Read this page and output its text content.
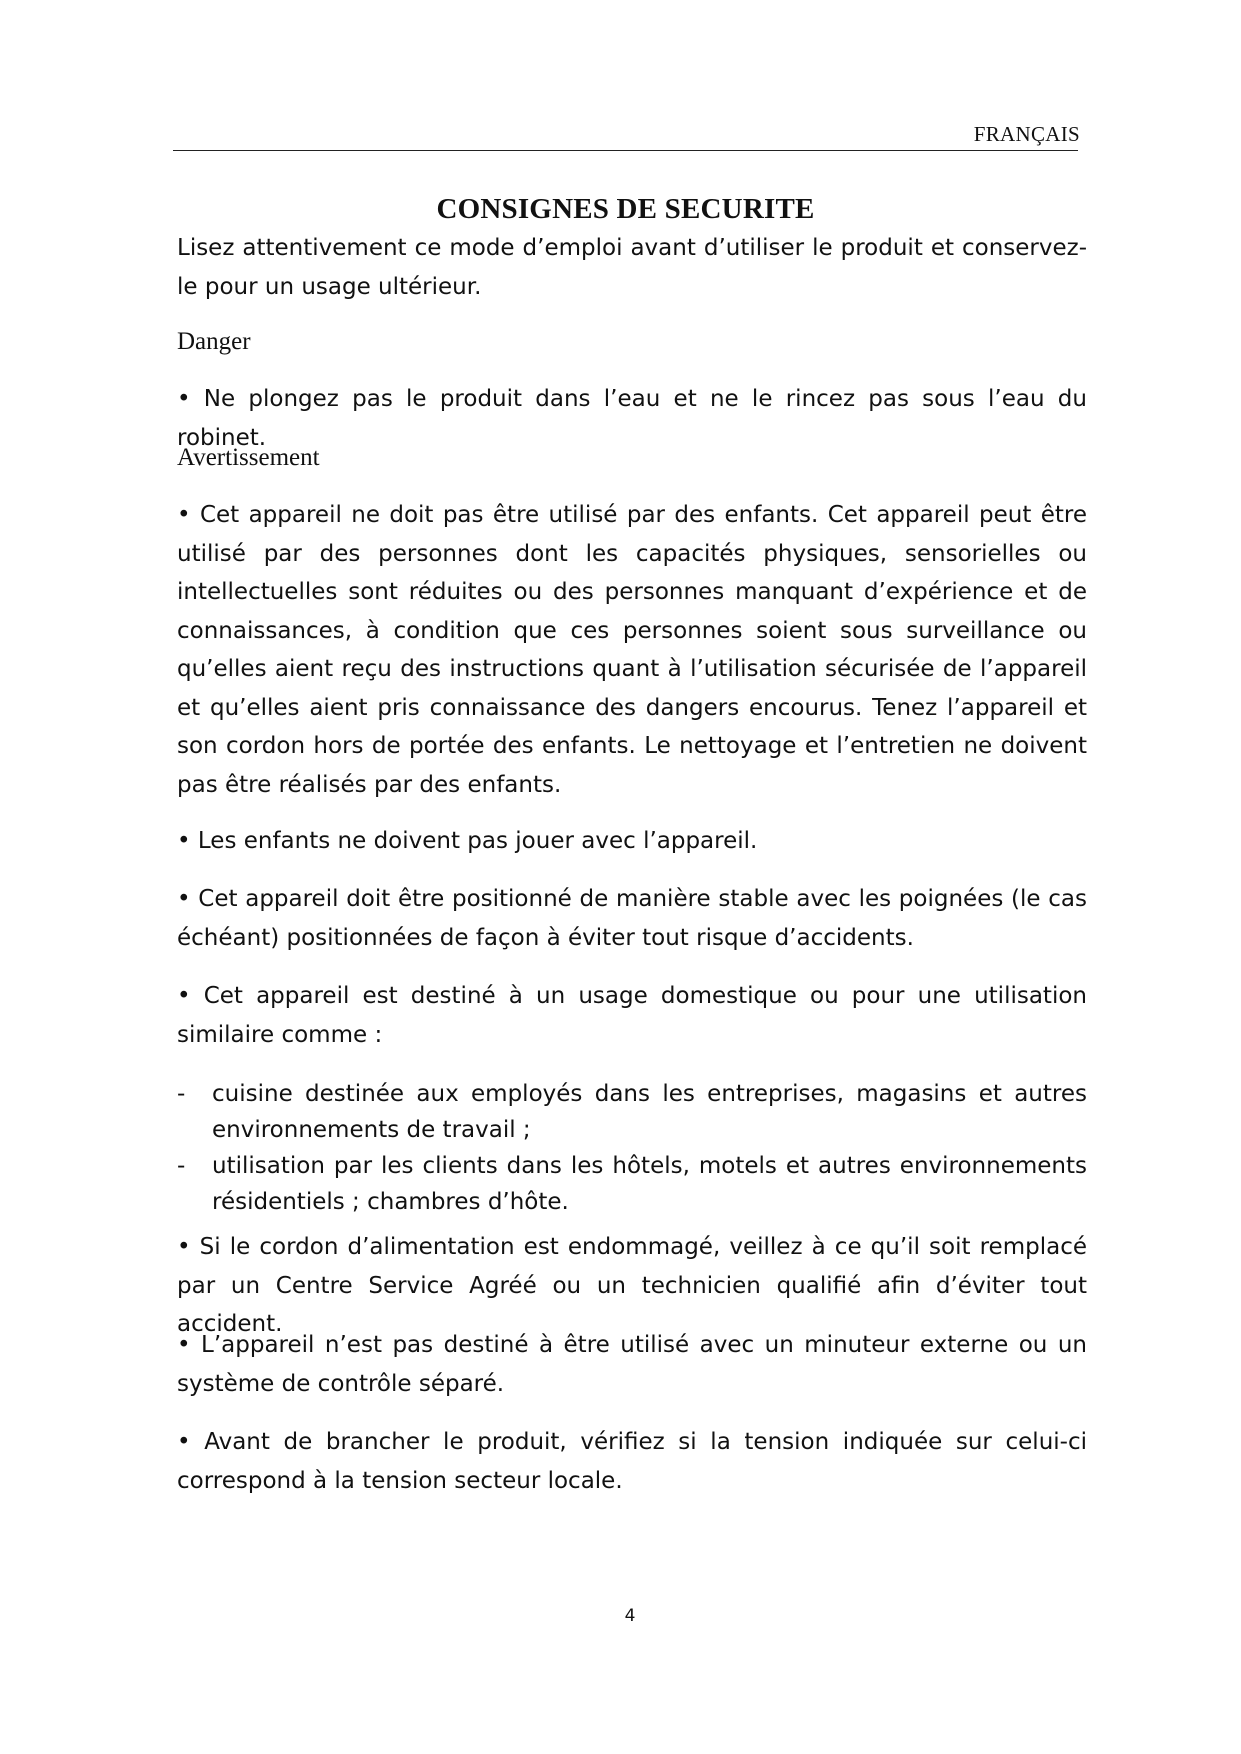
FRANÇAIS
CONSIGNES DE SECURITE

Lisez attentivement ce mode d’emploi avant d’utiliser le produit et conservez-le pour un usage ultérieur.

Danger

• Ne plongez pas le produit dans l’eau et ne le rincez pas sous l’eau du robinet.

Avertissement

• Cet appareil ne doit pas être utilisé par des enfants. Cet appareil peut être utilisé par des personnes dont les capacités physiques, sensorielles ou intellectuelles sont réduites ou des personnes manquant d’expérience et de connaissances, à condition que ces personnes soient sous surveillance ou qu’elles aient reçu des instructions quant à l’utilisation sécurisée de l’appareil et qu’elles aient pris connaissance des dangers encourus. Tenez l’appareil et son cordon hors de portée des enfants. Le nettoyage et l’entretien ne doivent pas être réalisés par des enfants.

• Les enfants ne doivent pas jouer avec l’appareil.

• Cet appareil doit être positionné de manière stable avec les poignées (le cas échéant) positionnées de façon à éviter tout risque d’accidents.

• Cet appareil est destiné à un usage domestique ou pour une utilisation similaire comme :

- cuisine destinée aux employés dans les entreprises, magasins et autres environnements de travail ;
- utilisation par les clients dans les hôtels, motels et autres environnements résidentiels ; chambres d’hôte.

• Si le cordon d’alimentation est endommagé, veillez à ce qu’il soit remplacé par un Centre Service Agréé ou un technicien qualifié afin d’éviter tout accident.

• L’appareil n’est pas destiné à être utilisé avec un minuteur externe ou un système de contrôle séparé.

• Avant de brancher le produit, vérifiez si la tension indiquée sur celui-ci correspond à la tension secteur locale.

4
